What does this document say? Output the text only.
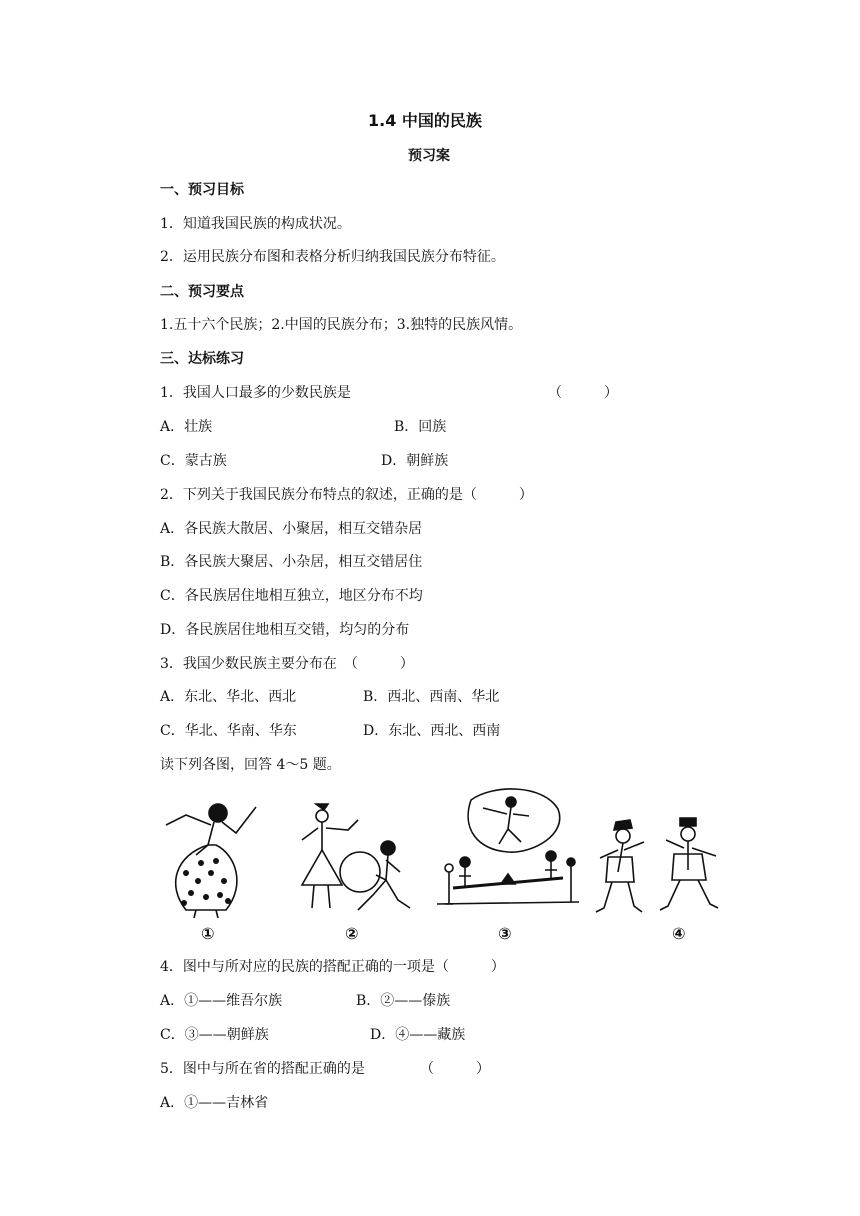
1.4 中国的民族
预习案
一、预习目标
1．知道我国民族的构成状况。
2．运用民族分布图和表格分析归纳我国民族分布特征。
二、预习要点
1.五十六个民族；2.中国的民族分布；3.独特的民族风情。
三、达标练习
1．我国人口最多的少数民族是	（　　　）
A．壮族	B．回族
C．蒙古族	D．朝鲜族
2．下列关于我国民族分布特点的叙述，正确的是（　　　）
A．各民族大散居、小聚居，相互交错杂居
B．各民族大聚居、小杂居，相互交错居住
C．各民族居住地相互独立，地区分布不均
D．各民族居住地相互交错，均匀的分布
3．我国少数民族主要分布在　（　　　）
A．东北、华北、西北	B．西北、西南、华北
C．华北、华南、华东	D．东北、西北、西南
读下列各图，回答 4～5 题。
①	②	③	④
4．图中与所对应的民族的搭配正确的一项是（　　　）
A．①——维吾尔族	B．②——傣族
C．③——朝鲜族	D．④——藏族
5．图中与所在省的搭配正确的是	（　　　）
A．①——吉林省
